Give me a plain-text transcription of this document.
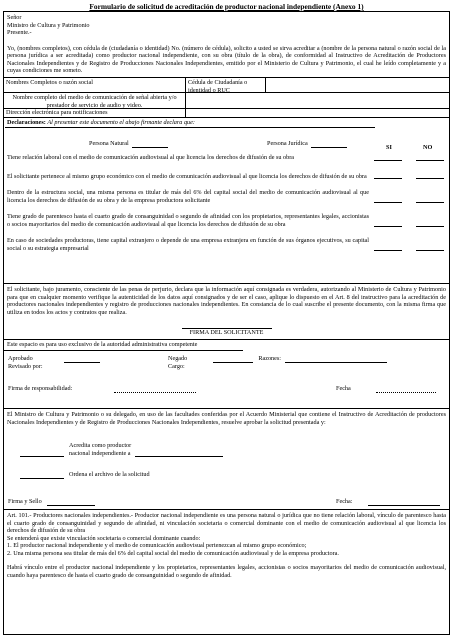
Formulario de solicitud de acreditación de productor nacional independiente (Anexo 1)

Señor

Ministro de Cultura y Patrimonio

Presente.-

Yo, (nombres completos), con cédula de (ciudadanía o identidad) No. (número de cédula), solicito a usted se sirva acreditar a (nombre de la persona natural o razón social de la persona jurídica a ser acreditada) como productor nacional independiente, con su obra (título de la obra), de conformidad al Instructivo de Acreditación de Productores Nacionales Independientes y de Registro de Producciones Nacionales Independientes, emitido por el Ministerio de Cultura y Patrimonio, el cual he leído completamente y a cuyas condiciones me someto.

Nombres Completos o razón social	Cédula de Ciudadanía o identidad o RUC
Nombre completo del medio de comunicación de señal abierta y/o prestador de servicio de audio y video.
Dirección electrónica para notificaciones
Declaraciones: Al presentar este documento el abajo firmante declara que:
Persona Natural	Persona Jurídica
SI	NO
Tiene relación laboral con el medio de comunicación audiovisual al que licencia los derechos de difusión de su obra
El solicitante pertenece al mismo grupo económico con el medio de comunicación audiovisual al que licencia los derechos de difusión de su obra
Dentro de la estructura social, una misma persona es titular de más del 6% del capital social del medio de comunicación audiovisual al que licencia los derechos de difusión de su obra y de la empresa productora solicitante
Tiene grado de parentesco hasta el cuarto grado de consanguinidad o segundo de afinidad con los propietarios, representantes legales, accionistas o socios mayoritarios del medio de comunicación audiovisual al que licencia los derechos de difusión de su obra
En caso de sociedades productoras, tiene capital extranjero o depende de una empresa extranjera en función de sus órganos ejecutivos, su capital social o su estrategia empresarial

El solicitante, bajo juramento, consciente de las penas de perjurio, declara que la información aquí consignada es verdadera, autorizando al Ministerio de Cultura y Patrimonio para que en cualquier momento verifique la autenticidad de los datos aquí consignados y de ser el caso, aplique lo dispuesto en el Art. 8 del instructivo para la acreditación de productores nacionales independientes y registro de producciones nacionales independientes. En constancia de lo cual suscribe el presente documento, con la misma firma que utiliza en todos los actos y contratos que realiza.

FIRMA DEL SOLICITANTE
Este espacio es para uso exclusivo de la autoridad administrativa competente
Aprobado	Negado	Razones:
Revisado por:	Cargo:
Firma de responsabilidad:	Fecha

El Ministro de Cultura y Patrimonio o su delegado, en uso de las facultades conferidas por el Acuerdo Ministerial que contiene el Instructivo de Acreditación de productores Nacionales Independientes y de Registro de Producciones Nacionales Independientes, resuelve aprobar la solicitud presentada y:

Acredita como productor nacional independiente a
Ordena el archivo de la solicitud
Firma y Sello	Fecha:

Art. 101.- Productores nacionales independientes.- Productor nacional independiente es una persona natural o jurídica que no tiene relación laboral, vínculo de parentesco hasta el cuarto grado de consanguinidad y segundo de afinidad, ni vinculación societaria o comercial dominante con el medio de comunicación audiovisual al que licencia los derechos de difusión de su obra

Se entenderá que existe vinculación societaria o comercial dominante cuando:

1. El productor nacional independiente y el medio de comunicación audiovisual pertenezcan al mismo grupo económico;

2. Una misma persona sea titular de más del 6% del capital social del medio de comunicación audiovisual y de la empresa productora.

Habrá vínculo entre el productor nacional independiente y los propietarios, representantes legales, accionistas o socios mayoritarios del medio de comunicación audiovisual, cuando haya parentesco de hasta el cuarto grado de consanguinidad o segundo de afinidad.
